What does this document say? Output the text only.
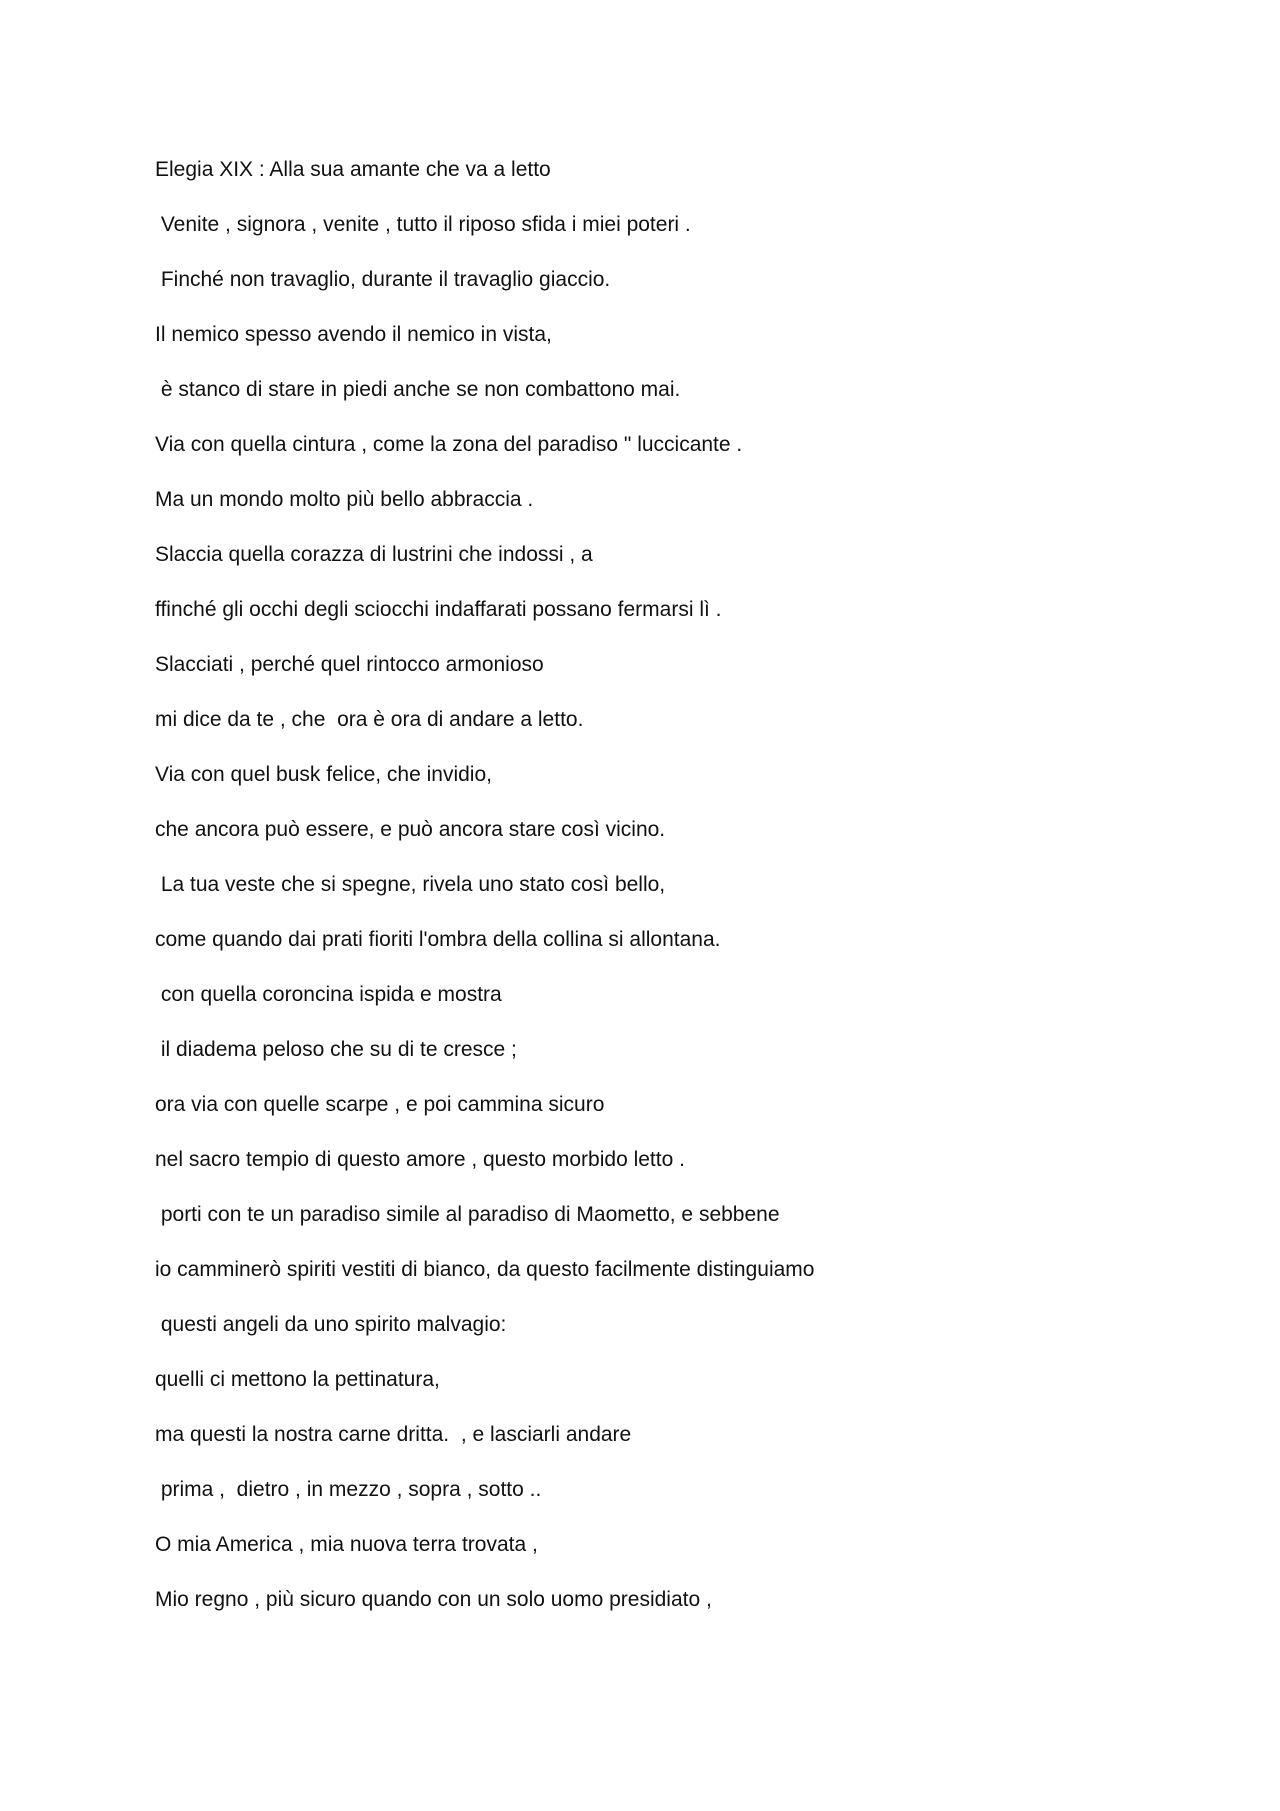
Elegia XIX : Alla sua amante che va a letto

Venite , signora , venite , tutto il riposo sfida i miei poteri .

Finché non travaglio, durante il travaglio giaccio.

Il nemico spesso avendo il nemico in vista,

è stanco di stare in piedi anche se non combattono mai.

Via con quella cintura , come la zona del paradiso " luccicante .

Ma un mondo molto più bello abbraccia .

Slaccia quella corazza di lustrini che indossi , a

ffinché gli occhi degli sciocchi indaffarati possano fermarsi lì .

Slacciati , perché quel rintocco armonioso

mi dice da te , che  ora è ora di andare a letto.

Via con quel busk felice, che invidio,

che ancora può essere, e può ancora stare così vicino.

La tua veste che si spegne, rivela uno stato così bello,

come quando dai prati fioriti l'ombra della collina si allontana.

con quella coroncina ispida e mostra

il diadema peloso che su di te cresce ;

ora via con quelle scarpe , e poi cammina sicuro

nel sacro tempio di questo amore , questo morbido letto .

porti con te un paradiso simile al paradiso di Maometto, e sebbene

io camminerò spiriti vestiti di bianco, da questo facilmente distinguiamo

questi angeli da uno spirito malvagio:

quelli ci mettono la pettinatura,

ma questi la nostra carne dritta.  , e lasciarli andare

prima ,  dietro , in mezzo , sopra , sotto ..

O mia America , mia nuova terra trovata ,

Mio regno , più sicuro quando con un solo uomo presidiato ,
